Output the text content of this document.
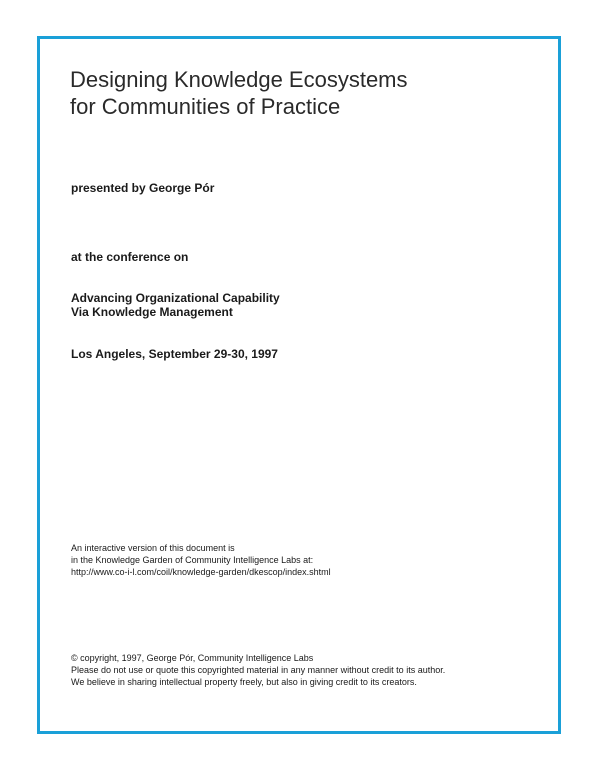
Designing Knowledge Ecosystems
for Communities of Practice
presented by George Pór
at the conference on
Advancing Organizational Capability
Via Knowledge Management
Los Angeles, September 29-30, 1997
An interactive version of this document is
in the Knowledge Garden of Community Intelligence Labs at:
http://www.co-i-l.com/coil/knowledge-garden/dkescop/index.shtml
© copyright, 1997, George Pór, Community Intelligence Labs
Please do not use or quote this copyrighted material in any manner without credit to its author.
We believe in sharing intellectual property freely, but also in giving credit to its creators.
